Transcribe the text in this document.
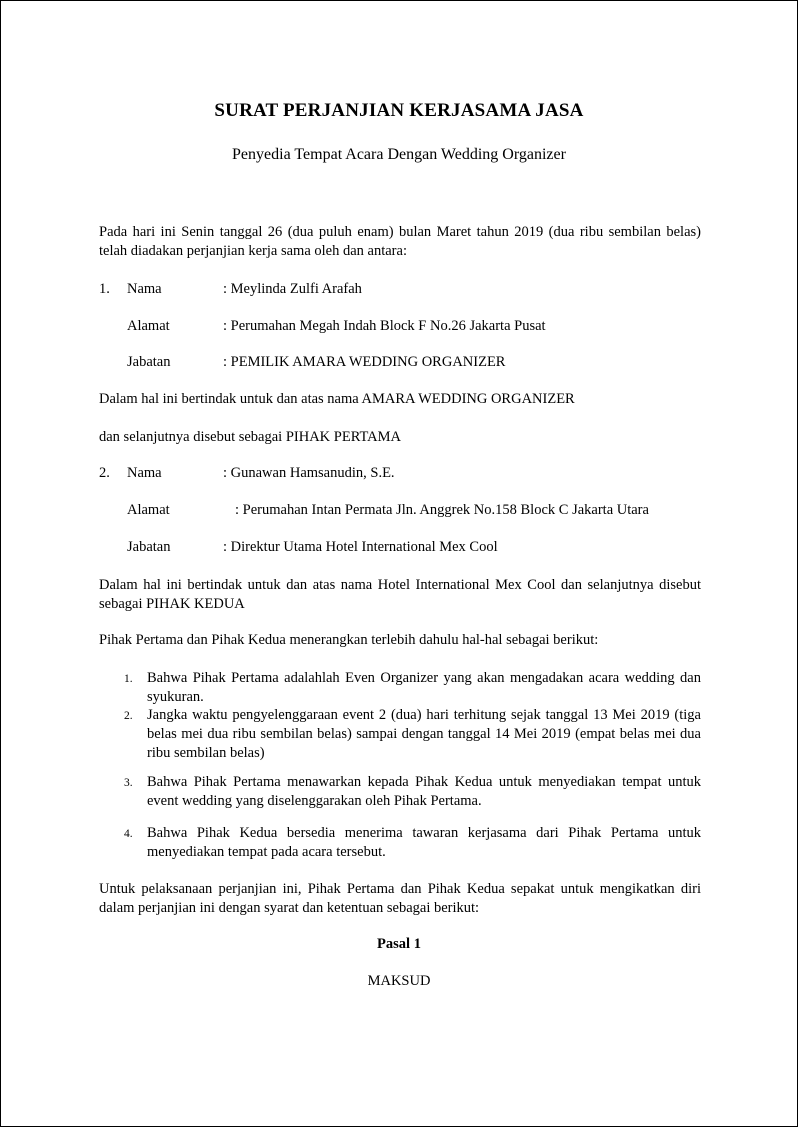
SURAT PERJANJIAN KERJASAMA JASA
Penyedia Tempat Acara Dengan Wedding Organizer
Pada hari ini Senin tanggal 26 (dua puluh enam) bulan Maret tahun 2019 (dua ribu sembilan belas) telah diadakan perjanjian kerja sama oleh dan antara:
1. Nama	: Meylinda Zulfi Arafah
Alamat	: Perumahan Megah Indah Block F No.26 Jakarta Pusat
Jabatan	: PEMILIK AMARA WEDDING ORGANIZER
Dalam hal ini bertindak untuk dan atas nama AMARA WEDDING ORGANIZER
dan selanjutnya disebut sebagai PIHAK PERTAMA
2. Nama	: Gunawan Hamsanudin, S.E.
Alamat	: Perumahan Intan Permata Jln. Anggrek No.158 Block C Jakarta Utara
Jabatan	: Direktur Utama Hotel International Mex Cool
Dalam hal ini bertindak untuk dan atas nama Hotel International Mex Cool dan selanjutnya disebut sebagai PIHAK KEDUA
Pihak Pertama dan Pihak Kedua menerangkan terlebih dahulu hal-hal sebagai berikut:
1. Bahwa Pihak Pertama adalahlah Even Organizer yang akan mengadakan acara wedding dan syukuran.
2. Jangka waktu pengyelenggaraan event 2 (dua) hari terhitung sejak tanggal 13 Mei 2019 (tiga belas mei dua ribu sembilan belas) sampai dengan tanggal 14 Mei 2019 (empat belas mei dua ribu sembilan belas)
3. Bahwa Pihak Pertama menawarkan kepada Pihak Kedua untuk menyediakan tempat untuk event wedding yang diselenggarakan oleh Pihak Pertama.
4. Bahwa Pihak Kedua bersedia menerima tawaran kerjasama dari Pihak Pertama untuk menyediakan tempat pada acara tersebut.
Untuk pelaksanaan perjanjian ini, Pihak Pertama dan Pihak Kedua sepakat untuk mengikatkan diri dalam perjanjian ini dengan syarat dan ketentuan sebagai berikut:
Pasal 1
MAKSUD
